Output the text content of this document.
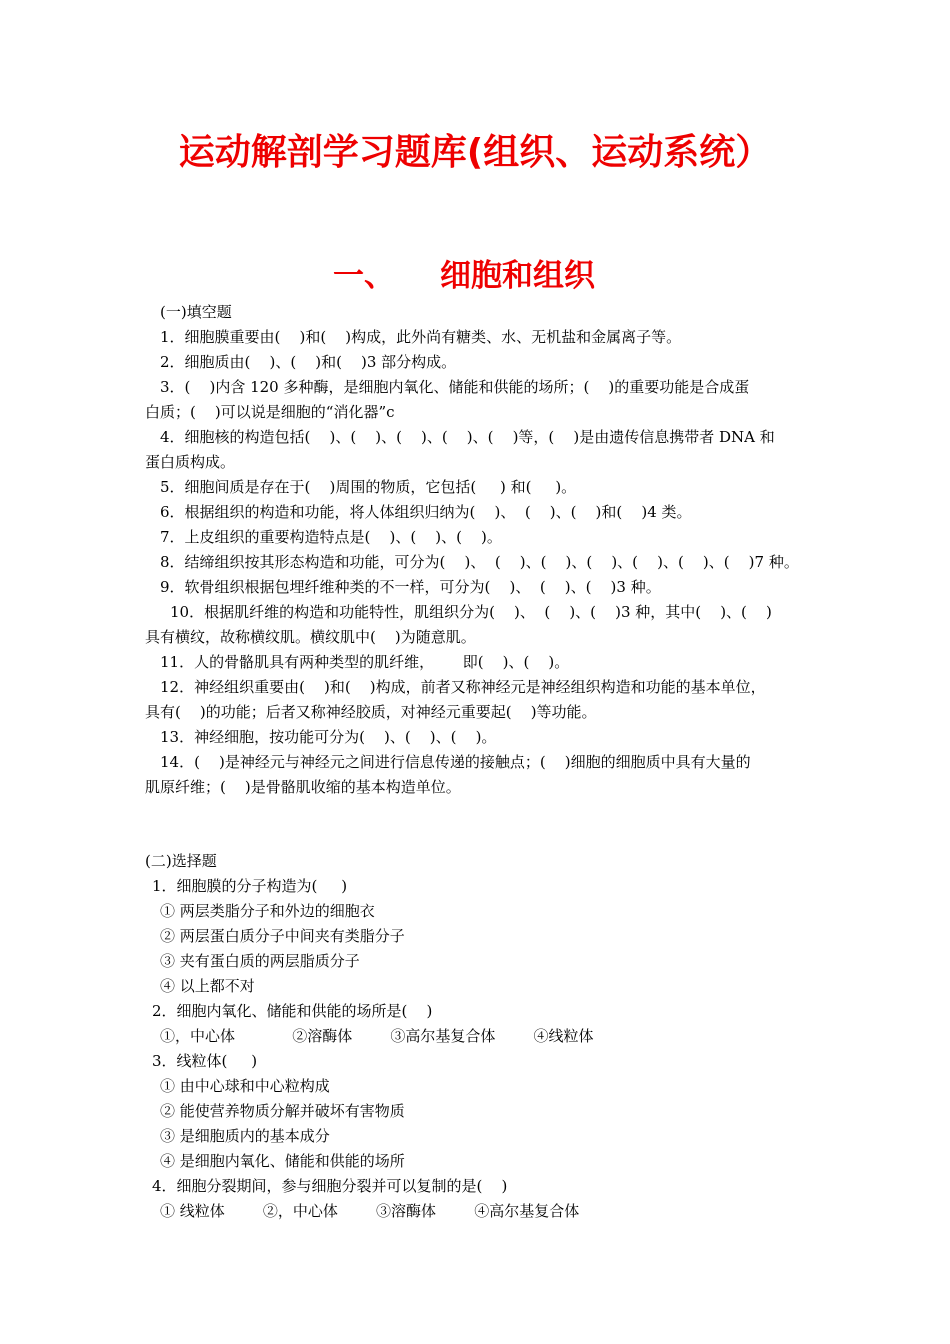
运动解剖学习题库(组织、运动系统）
一、 细胞和组织
(一)填空题
1．细胞膜重要由(    )和(    )构成，此外尚有糖类、水、无机盐和金属离子等。
2．细胞质由(    )、(    )和(    )3 部分构成。
3．(    )内含 120 多种酶，是细胞内氧化、储能和供能的场所；(    )的重要功能是合成蛋
白质；(    )可以说是细胞的“消化器”c
4．细胞核的构造包括(    )、(    )、(    )、(    )、(    )等，(    )是由遗传信息携带者 DNA 和
蛋白质构成。
5．细胞间质是存在于(    )周围的物质，它包括(     ) 和(     )。
6．根据组织的构造和功能，将人体组织归纳为(    )、  (    )、(    )和(    )4 类。
7．上皮组织的重要构造特点是(    )、(    )、(    )。
8．结缔组织按其形态构造和功能，可分为(    )、  (    )、(    )、(    )、(    )、(    )、(    )7 种。
9．软骨组织根据包埋纤维种类的不一样，可分为(    )、  (    )、(    )3 种。
10．根据肌纤维的构造和功能特性，肌组织分为(    )、  (    )、(    )3 种，其中(    )、(    )
具有横纹，故称横纹肌。横纹肌中(    )为随意肌。
11．人的骨骼肌具有两种类型的肌纤维，      即(    )、(    )。
12．神经组织重要由(    )和(    )构成，前者又称神经元是神经组织构造和功能的基本单位，
具有(    )的功能；后者又称神经胶质，对神经元重要起(    )等功能。
13．神经细胞，按功能可分为(    )、(    )、(    )。
14．(    )是神经元与神经元之间进行信息传递的接触点；(    )细胞的细胞质中具有大量的
肌原纤维；(    )是骨骼肌收缩的基本构造单位。
(二)选择题
1．细胞膜的分子构造为(     )
① 两层类脂分子和外边的细胞衣
② 两层蛋白质分子中间夹有类脂分子
③ 夹有蛋白质的两层脂质分子
④ 以上都不对
2．细胞内氧化、储能和供能的场所是(    )
①，中心体            ②溶酶体        ③高尔基复合体        ④线粒体
3．线粒体(     )
① 由中心球和中心粒构成
② 能使营养物质分解并破坏有害物质
③ 是细胞质内的基本成分
④ 是细胞内氧化、储能和供能的场所
4．细胞分裂期间，参与细胞分裂并可以复制的是(    )
① 线粒体        ②，中心体        ③溶酶体        ④高尔基复合体
